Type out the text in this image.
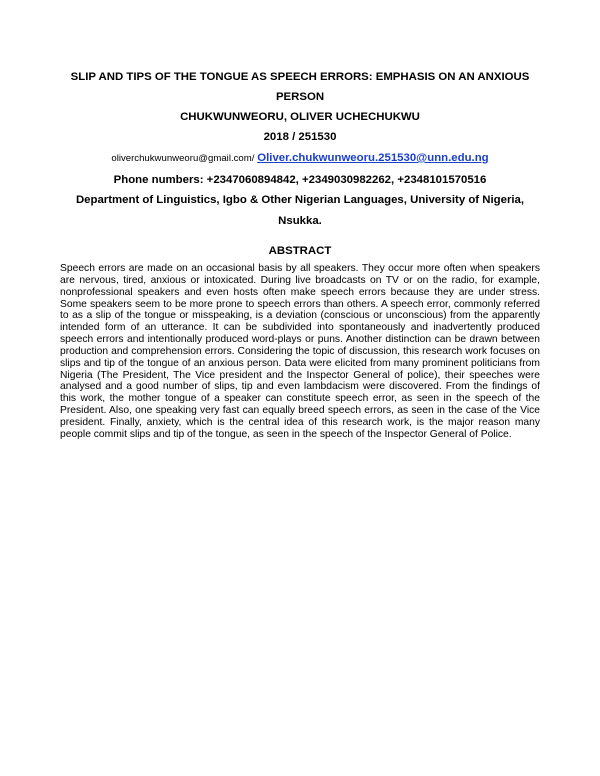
SLIP AND TIPS OF THE TONGUE AS SPEECH ERRORS: EMPHASIS ON AN ANXIOUS PERSON
CHUKWUNWEORU, OLIVER UCHECHUKWU
2018 / 251530
oliverchukwunweoru@gmail.com/ Oliver.chukwunweoru.251530@unn.edu.ng
Phone numbers: +2347060894842, +2349030982262, +2348101570516
Department of Linguistics, Igbo & Other Nigerian Languages, University of Nigeria, Nsukka.
ABSTRACT

Speech errors are made on an occasional basis by all speakers. They occur more often when speakers are nervous, tired, anxious or intoxicated. During live broadcasts on TV or on the radio, for example, nonprofessional speakers and even hosts often make speech errors because they are under stress. Some speakers seem to be more prone to speech errors than others. A speech error, commonly referred to as a slip of the tongue or misspeaking, is a deviation (conscious or unconscious) from the apparently intended form of an utterance. It can be subdivided into spontaneously and inadvertently produced speech errors and intentionally produced word-plays or puns. Another distinction can be drawn between production and comprehension errors. Considering the topic of discussion, this research work focuses on slips and tip of the tongue of an anxious person. Data were elicited from many prominent politicians from Nigeria (The President, The Vice president and the Inspector General of police), their speeches were analysed and a good number of slips, tip and even lambdacism were discovered. From the findings of this work, the mother tongue of a speaker can constitute speech error, as seen in the speech of the President. Also, one speaking very fast can equally breed speech errors, as seen in the case of the Vice president. Finally, anxiety, which is the central idea of this research work, is the major reason many people commit slips and tip of the tongue, as seen in the speech of the Inspector General of Police.
